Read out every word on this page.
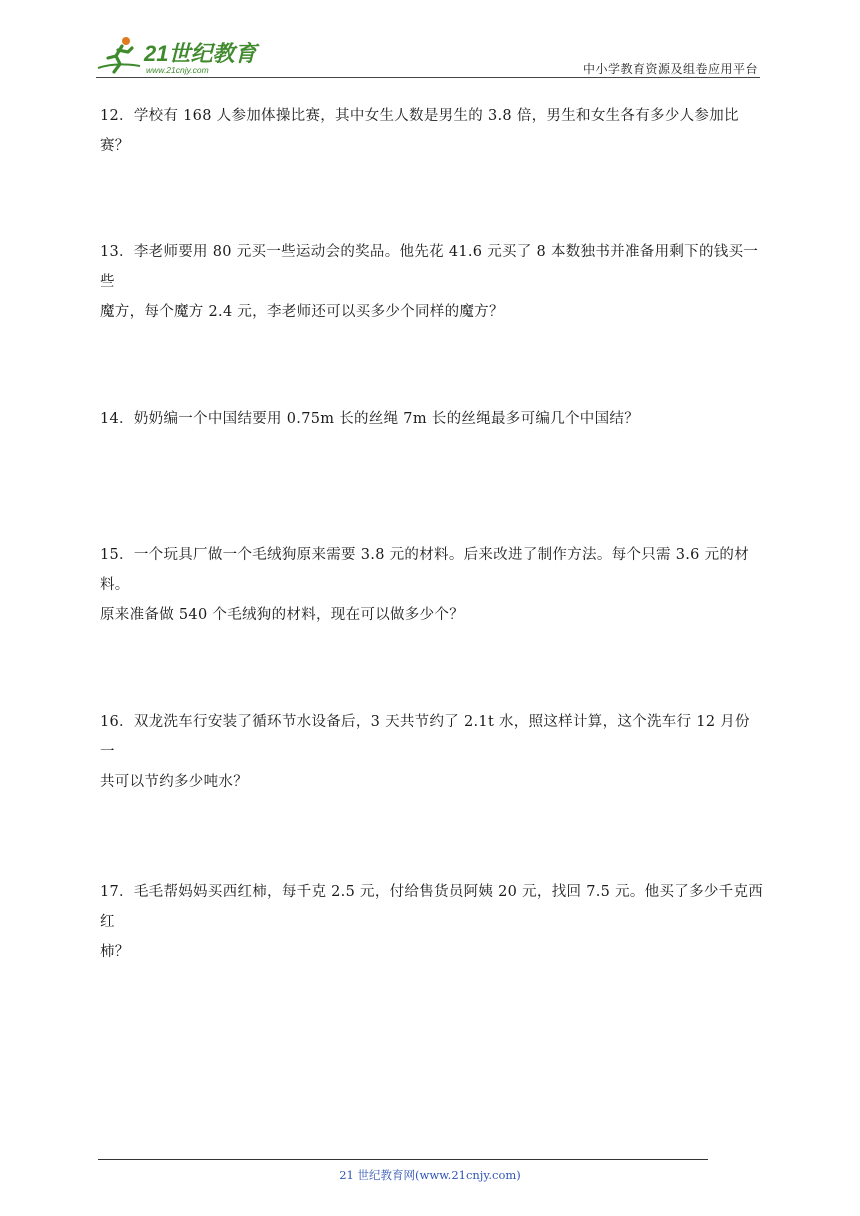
21世纪教育
www.21cnjy.com	中小学教育资源及组卷应用平台

12．学校有 168 人参加体操比赛，其中女生人数是男生的 3.8 倍，男生和女生各有多少人参加比赛？

13．李老师要用 80 元买一些运动会的奖品。他先花 41.6 元买了 8 本数独书并准备用剩下的钱买一些

魔方，每个魔方 2.4 元，李老师还可以买多少个同样的魔方？

14．奶奶编一个中国结要用 0.75m 长的丝绳 7m 长的丝绳最多可编几个中国结？

15．一个玩具厂做一个毛绒狗原来需要 3.8 元的材料。后来改进了制作方法。每个只需 3.6 元的材料。

原来准备做 540 个毛绒狗的材料，现在可以做多少个？

16．双龙洗车行安装了循环节水设备后，3 天共节约了 2.1t 水，照这样计算，这个洗车行 12 月份一

共可以节约多少吨水？

17．毛毛帮妈妈买西红柿，每千克 2.5 元，付给售货员阿姨 20 元，找回 7.5 元。他买了多少千克西红

柿？

21 世纪教育网(www.21cnjy.com)
